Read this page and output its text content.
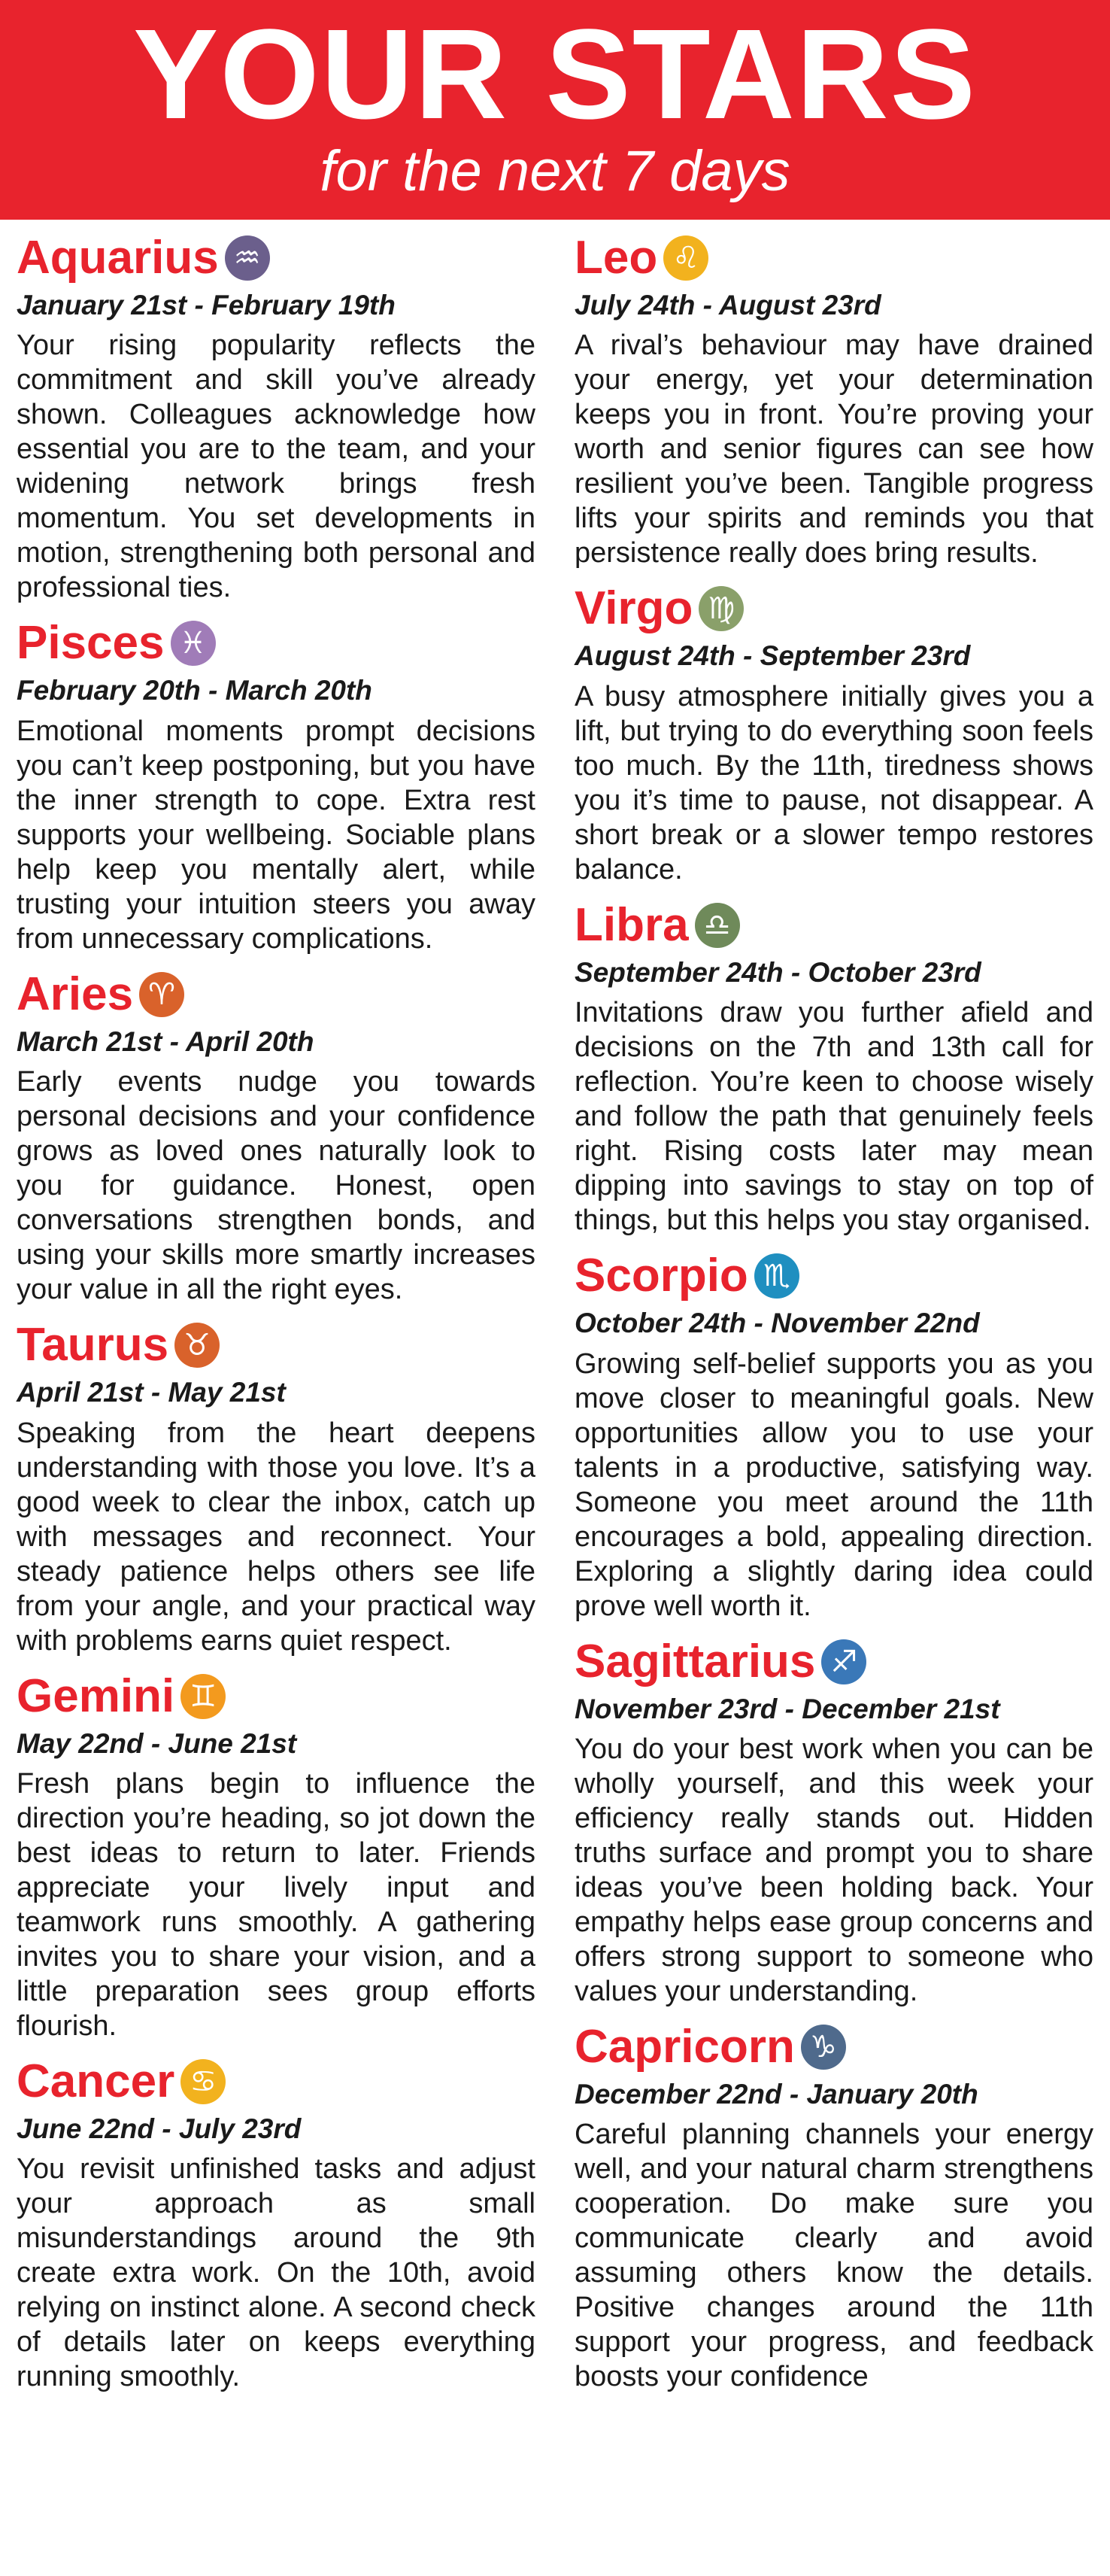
YOUR STARS
for the next 7 days
Aquarius ♒
January 21st - February 19th

Your rising popularity reflects the commitment and skill you’ve already shown. Colleagues acknowledge how essential you are to the team, and your widening network brings fresh momentum. You set developments in motion, strengthening both personal and professional ties.

Pisces ♓
February 20th - March 20th

Emotional moments prompt decisions you can’t keep postponing, but you have the inner strength to cope. Extra rest supports your wellbeing. Sociable plans help keep you mentally alert, while trusting your intuition steers you away from unnecessary complications.

Aries ♈
March 21st - April 20th

Early events nudge you towards personal decisions and your confidence grows as loved ones naturally look to you for guidance. Honest, open conversations strengthen bonds, and using your skills more smartly increases your value in all the right eyes.

Taurus ♉
April 21st - May 21st

Speaking from the heart deepens understanding with those you love. It’s a good week to clear the inbox, catch up with messages and reconnect. Your steady patience helps others see life from your angle, and your practical way with problems earns quiet respect.

Gemini ♊
May 22nd - June 21st

Fresh plans begin to influence the direction you’re heading, so jot down the best ideas to return to later. Friends appreciate your lively input and teamwork runs smoothly. A gathering invites you to share your vision, and a little preparation sees group efforts flourish.

Cancer ♋
June 22nd - July 23rd

You revisit unfinished tasks and adjust your approach as small misunderstandings around the 9th create extra work. On the 10th, avoid relying on instinct alone. A second check of details later on keeps everything running smoothly.

Leo ♌
July 24th - August 23rd

A rival’s behaviour may have drained your energy, yet your determination keeps you in front. You’re proving your worth and senior figures can see how resilient you’ve been. Tangible progress lifts your spirits and reminds you that persistence really does bring results.

Virgo ♍
August 24th - September 23rd

A busy atmosphere initially gives you a lift, but trying to do everything soon feels too much. By the 11th, tiredness shows you it’s time to pause, not disappear. A short break or a slower tempo restores balance.

Libra ♎
September 24th - October 23rd

Invitations draw you further afield and decisions on the 7th and 13th call for reflection. You’re keen to choose wisely and follow the path that genuinely feels right. Rising costs later may mean dipping into savings to stay on top of things, but this helps you stay organised.

Scorpio ♏
October 24th - November 22nd

Growing self-belief supports you as you move closer to meaningful goals. New opportunities allow you to use your talents in a productive, satisfying way. Someone you meet around the 11th encourages a bold, appealing direction. Exploring a slightly daring idea could prove well worth it.

Sagittarius ♐
November 23rd - December 21st

You do your best work when you can be wholly yourself, and this week your efficiency really stands out. Hidden truths surface and prompt you to share ideas you’ve been holding back. Your empathy helps ease group concerns and offers strong support to someone who values your understanding.

Capricorn ♑
December 22nd - January 20th

Careful planning channels your energy well, and your natural charm strengthens cooperation. Do make sure you communicate clearly and avoid assuming others know the details. Positive changes around the 11th support your progress, and feedback boosts your confidence
